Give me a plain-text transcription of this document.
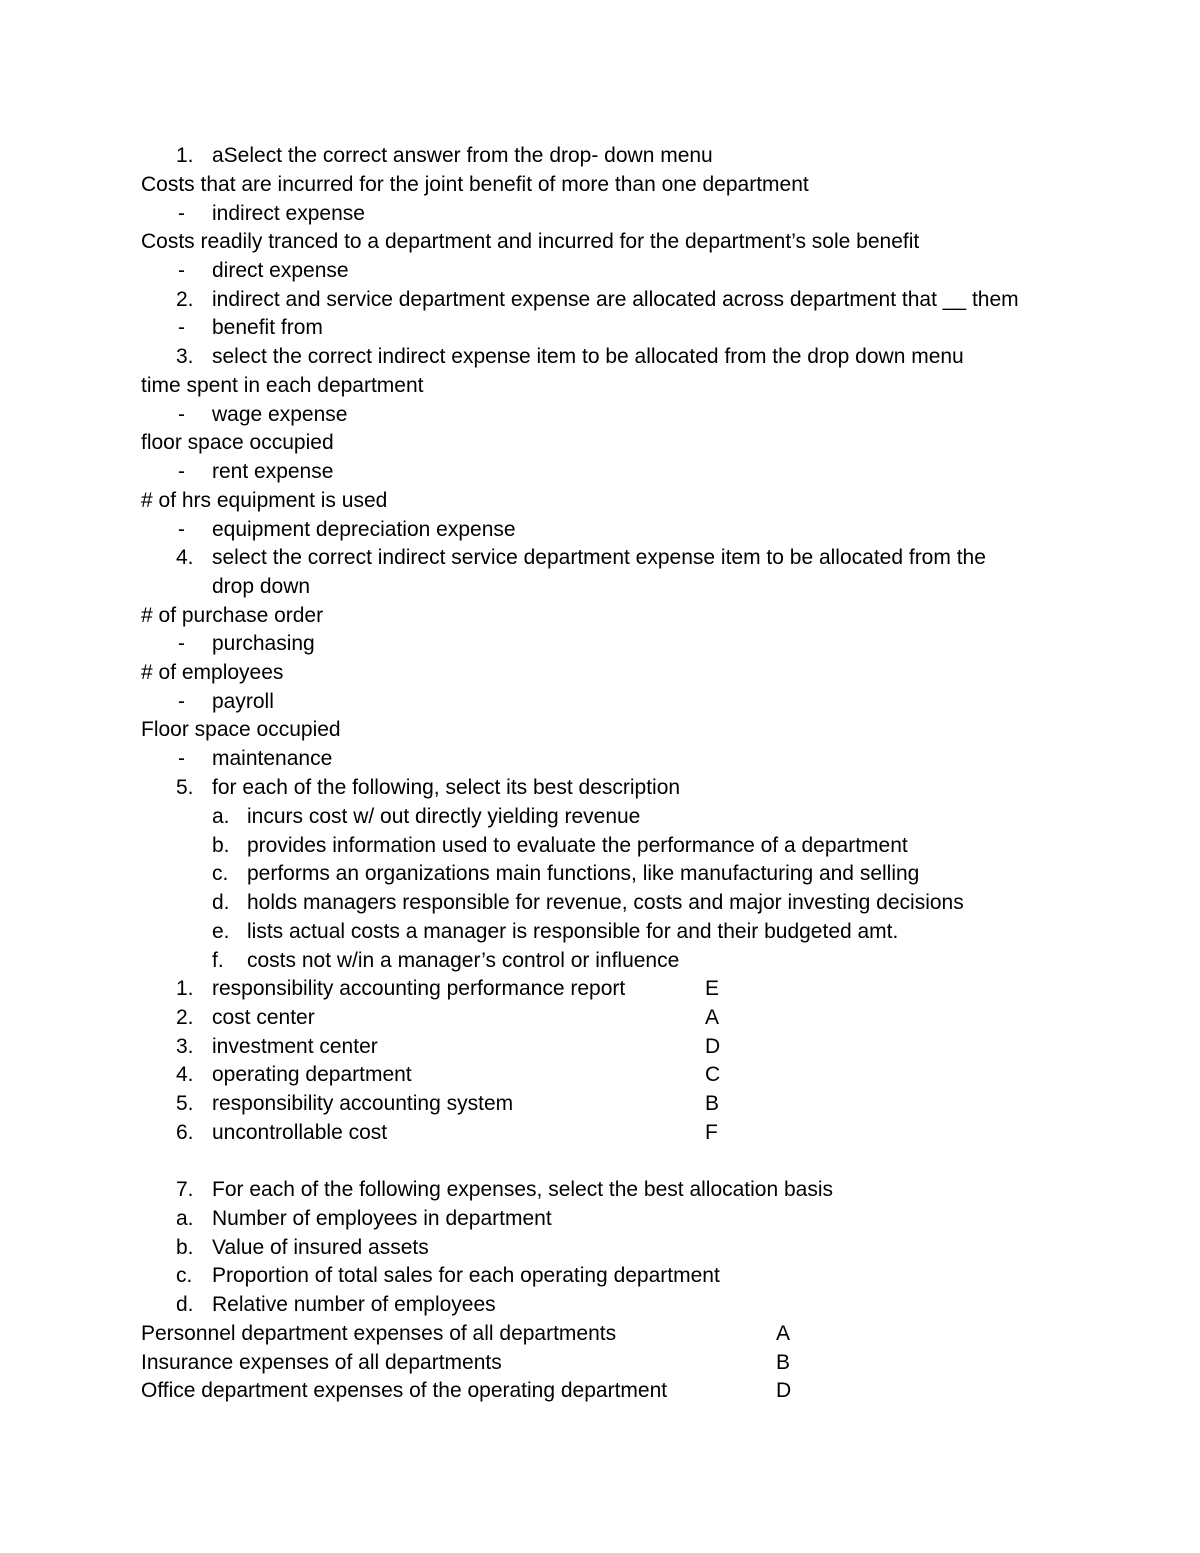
1. aSelect the correct answer from the drop- down menu
Costs that are incurred for the joint benefit of more than one department
-	indirect expense
Costs readily tranced to a department and incurred for the department’s sole benefit
-	direct expense
2. indirect and service department expense are allocated across department that __ them
-	benefit from
3. select the correct indirect expense item to be allocated from the drop down menu
time spent in each department
-	wage expense
floor space occupied
-	rent expense
# of hrs equipment is used
-	equipment depreciation expense
4. select the correct indirect service department expense item to be allocated from the
drop down
# of purchase order
-	purchasing
# of employees
-	payroll
Floor space occupied
-	maintenance
5. for each of the following, select its best description
a. incurs cost w/ out directly yielding revenue
b. provides information used to evaluate the performance of a department
c. performs an organizations main functions, like manufacturing and selling
d. holds managers responsible for revenue, costs and major investing decisions
e. lists actual costs a manager is responsible for and their budgeted amt.
f.	costs not w/in a manager’s control or influence
1. responsibility accounting performance report	E
2. cost center	A
3. investment center	D
4. operating department	C
5. responsibility accounting system	B
6. uncontrollable cost	F
7. For each of the following expenses, select the best allocation basis
a. Number of employees in department
b. Value of insured assets
c. Proportion of total sales for each operating department
d. Relative number of employees
Personnel department expenses of all departments	A
Insurance expenses of all departments	B
Office department expenses of the operating department	D
